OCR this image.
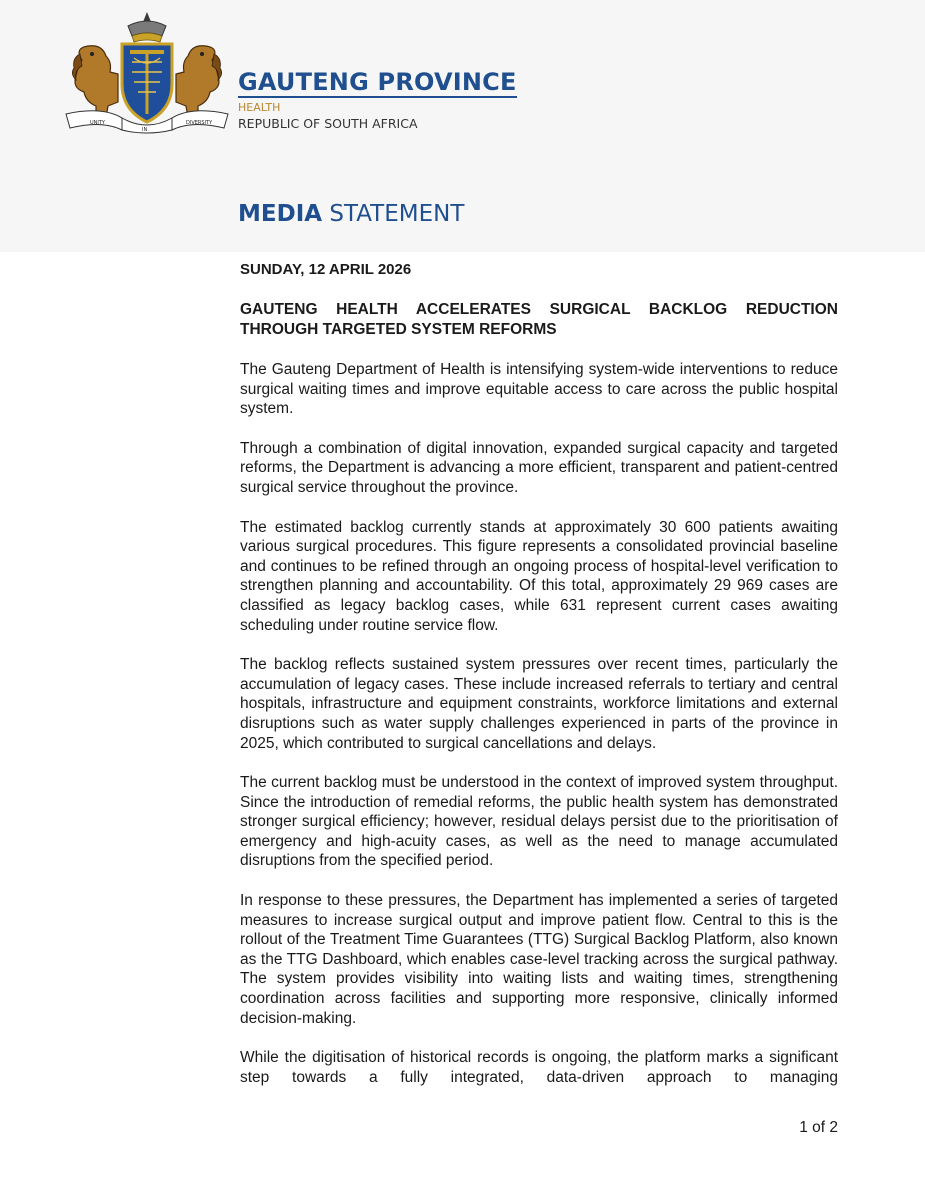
UNITY
IN
DIVERSITY
GAUTENG PROVINCE
HEALTH
REPUBLIC OF SOUTH AFRICA
MEDIA STATEMENT

SUNDAY, 12 APRIL 2026

GAUTENG HEALTH ACCELERATES SURGICAL BACKLOG REDUCTION THROUGH TARGETED SYSTEM REFORMS

The Gauteng Department of Health is intensifying system-wide interventions to reduce surgical waiting times and improve equitable access to care across the public hospital system.

Through a combination of digital innovation, expanded surgical capacity and targeted reforms, the Department is advancing a more efficient, transparent and patient-centred surgical service throughout the province.

The estimated backlog currently stands at approximately 30 600 patients awaiting various surgical procedures. This figure represents a consolidated provincial baseline and continues to be refined through an ongoing process of hospital-level verification to strengthen planning and accountability. Of this total, approximately 29 969 cases are classified as legacy backlog cases, while 631 represent current cases awaiting scheduling under routine service flow.

The backlog reflects sustained system pressures over recent times, particularly the accumulation of legacy cases. These include increased referrals to tertiary and central hospitals, infrastructure and equipment constraints, workforce limitations and external disruptions such as water supply challenges experienced in parts of the province in 2025, which contributed to surgical cancellations and delays.

The current backlog must be understood in the context of improved system throughput. Since the introduction of remedial reforms, the public health system has demonstrated stronger surgical efficiency; however, residual delays persist due to the prioritisation of emergency and high-acuity cases, as well as the need to manage accumulated disruptions from the specified period.

In response to these pressures, the Department has implemented a series of targeted measures to increase surgical output and improve patient flow. Central to this is the rollout of the Treatment Time Guarantees (TTG) Surgical Backlog Platform, also known as the TTG Dashboard, which enables case-level tracking across the surgical pathway. The system provides visibility into waiting lists and waiting times, strengthening coordination across facilities and supporting more responsive, clinically informed decision-making.

While the digitisation of historical records is ongoing, the platform marks a significant step towards a fully integrated, data-driven approach to managing

1 of 2
